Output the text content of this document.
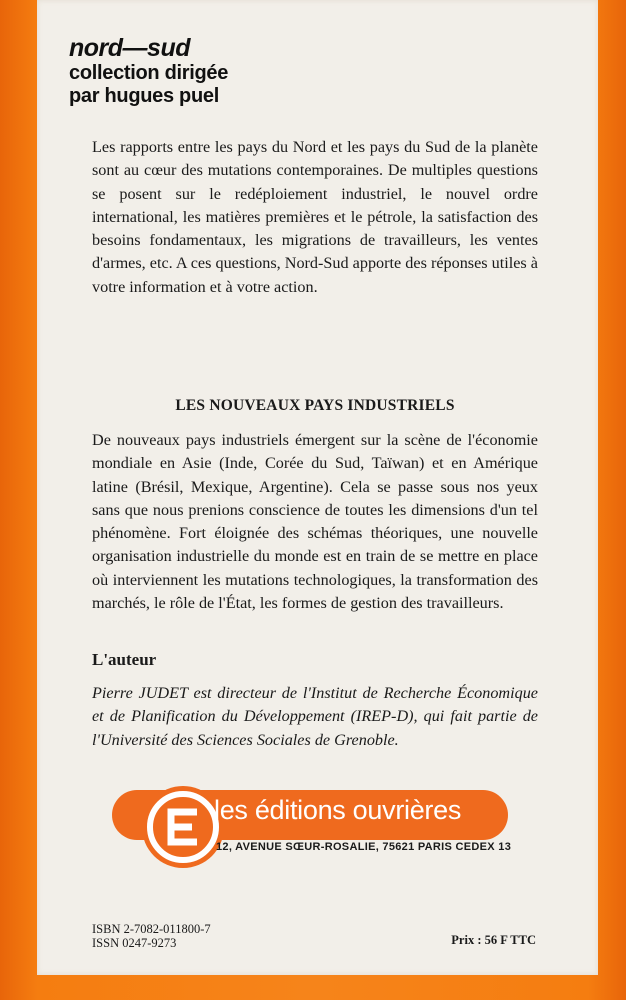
nord—sud
collection dirigée
par hugues puel

Les rapports entre les pays du Nord et les pays du Sud de la planète sont au cœur des mutations contemporaines. De multiples questions se posent sur le redéploiement industriel, le nouvel ordre international, les matières premières et le pétrole, la satisfaction des besoins fondamentaux, les migrations de travailleurs, les ventes d'armes, etc. A ces questions, Nord-Sud apporte des réponses utiles à votre information et à votre action.

LES NOUVEAUX PAYS INDUSTRIELS

De nouveaux pays industriels émergent sur la scène de l'économie mondiale en Asie (Inde, Corée du Sud, Taïwan) et en Amérique latine (Brésil, Mexique, Argentine). Cela se passe sous nos yeux sans que nous prenions conscience de toutes les dimensions d'un tel phénomène. Fort éloignée des schémas théoriques, une nouvelle organisation industrielle du monde est en train de se mettre en place où interviennent les mutations technologiques, la transformation des marchés, le rôle de l'État, les formes de gestion des travailleurs.

L'auteur

Pierre JUDET est directeur de l'Institut de Recherche Économique et de Planification du Développement (IREP-D), qui fait partie de l'Université des Sciences Sociales de Grenoble.

les éditions ouvrières
12, AVENUE SŒUR-ROSALIE, 75621 PARIS CEDEX 13
ISBN 2-7082-011800-7
ISSN 0247-9273	Prix : 56 F TTC
